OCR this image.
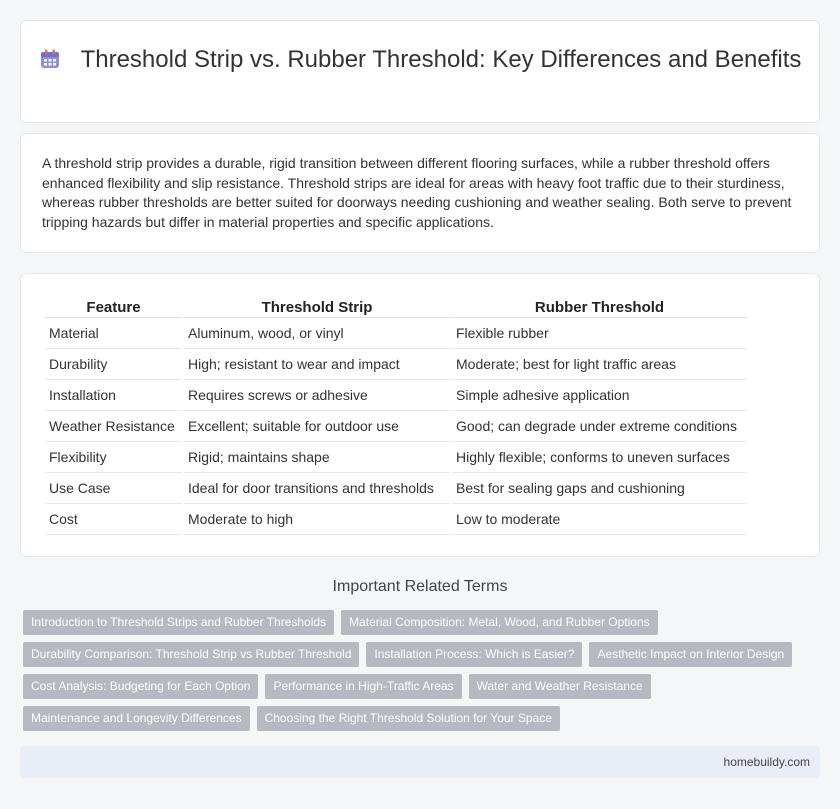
Threshold Strip vs. Rubber Threshold: Key Differences and Benefits

A threshold strip provides a durable, rigid transition between different flooring surfaces, while a rubber threshold offers enhanced flexibility and slip resistance. Threshold strips are ideal for areas with heavy foot traffic due to their sturdiness, whereas rubber thresholds are better suited for doorways needing cushioning and weather sealing. Both serve to prevent tripping hazards but differ in material properties and specific applications.

Feature	Threshold Strip	Rubber Threshold
Material	Aluminum, wood, or vinyl	Flexible rubber
Durability	High; resistant to wear and impact	Moderate; best for light traffic areas
Installation	Requires screws or adhesive	Simple adhesive application
Weather Resistance	Excellent; suitable for outdoor use	Good; can degrade under extreme conditions
Flexibility	Rigid; maintains shape	Highly flexible; conforms to uneven surfaces
Use Case	Ideal for door transitions and thresholds	Best for sealing gaps and cushioning
Cost	Moderate to high	Low to moderate
Important Related Terms
Introduction to Threshold Strips and Rubber Thresholds	Material Composition: Metal, Wood, and Rubber Options
Durability Comparison: Threshold Strip vs Rubber Threshold	Installation Process: Which is Easier?	Aesthetic Impact on Interior Design
Cost Analysis: Budgeting for Each Option	Performance in High-Traffic Areas	Water and Weather Resistance
Maintenance and Longevity Differences	Choosing the Right Threshold Solution for Your Space
homebuildy.com
